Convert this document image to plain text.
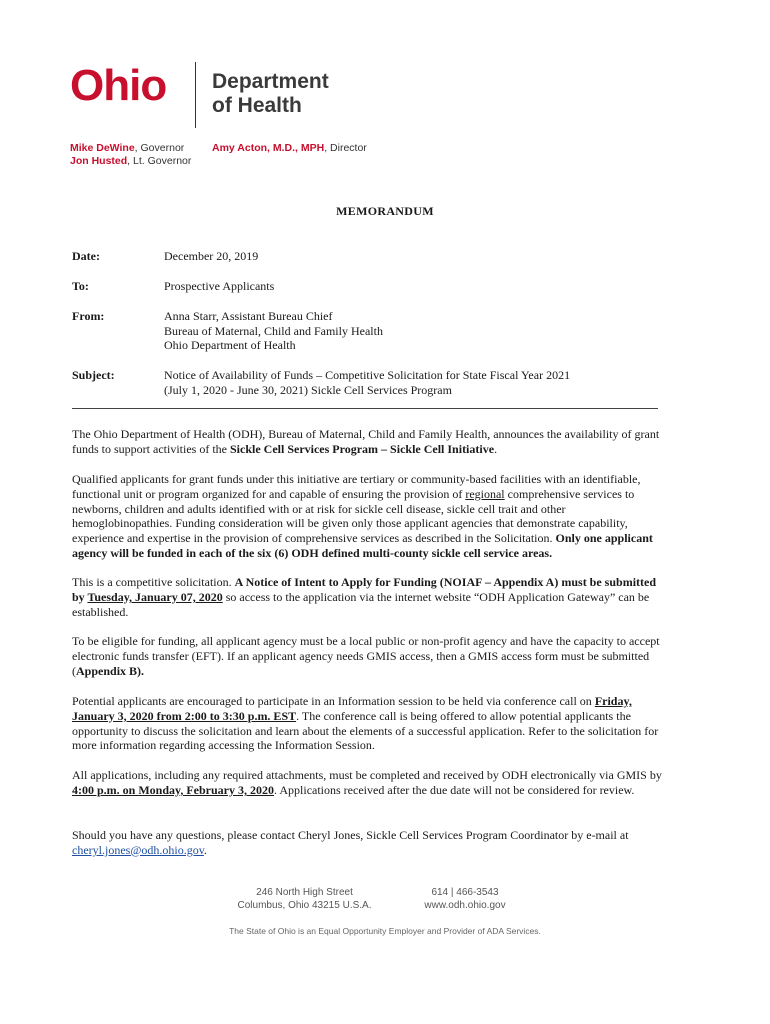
Ohio Department
of Health
Mike DeWine, Governor
Jon Husted, Lt. Governor
Amy Acton, M.D., MPH, Director
MEMORANDUM
Date:	December 20, 2019
To:	Prospective Applicants
From:	Anna Starr, Assistant Bureau Chief
Bureau of Maternal, Child and Family Health
Ohio Department of Health
Subject:	Notice of Availability of Funds – Competitive Solicitation for State Fiscal Year 2021
(July 1, 2020 - June 30, 2021) Sickle Cell Services Program
The Ohio Department of Health (ODH), Bureau of Maternal, Child and Family Health, announces the availability of grant funds to support activities of the Sickle Cell Services Program – Sickle Cell Initiative.
Qualified applicants for grant funds under this initiative are tertiary or community-based facilities with an identifiable, functional unit or program organized for and capable of ensuring the provision of regional comprehensive services to newborns, children and adults identified with or at risk for sickle cell disease, sickle cell trait and other hemoglobinopathies. Funding consideration will be given only those applicant agencies that demonstrate capability, experience and expertise in the provision of comprehensive services as described in the Solicitation. Only one applicant agency will be funded in each of the six (6) ODH defined multi-county sickle cell service areas.
This is a competitive solicitation. A Notice of Intent to Apply for Funding (NOIAF – Appendix A) must be submitted by Tuesday, January 07, 2020 so access to the application via the internet website “ODH Application Gateway” can be established.
To be eligible for funding, all applicant agency must be a local public or non-profit agency and have the capacity to accept electronic funds transfer (EFT). If an applicant agency needs GMIS access, then a GMIS access form must be submitted (Appendix B).
Potential applicants are encouraged to participate in an Information session to be held via conference call on Friday, January 3, 2020 from 2:00 to 3:30 p.m. EST. The conference call is being offered to allow potential applicants the opportunity to discuss the solicitation and learn about the elements of a successful application. Refer to the solicitation for more information regarding accessing the Information Session.
All applications, including any required attachments, must be completed and received by ODH electronically via GMIS by 4:00 p.m. on Monday, February 3, 2020. Applications received after the due date will not be considered for review.
Should you have any questions, please contact Cheryl Jones, Sickle Cell Services Program Coordinator by e-mail at cheryl.jones@odh.ohio.gov.
246 North High Street
Columbus, Ohio 43215 U.S.A.
614 | 466-3543
www.odh.ohio.gov
The State of Ohio is an Equal Opportunity Employer and Provider of ADA Services.
